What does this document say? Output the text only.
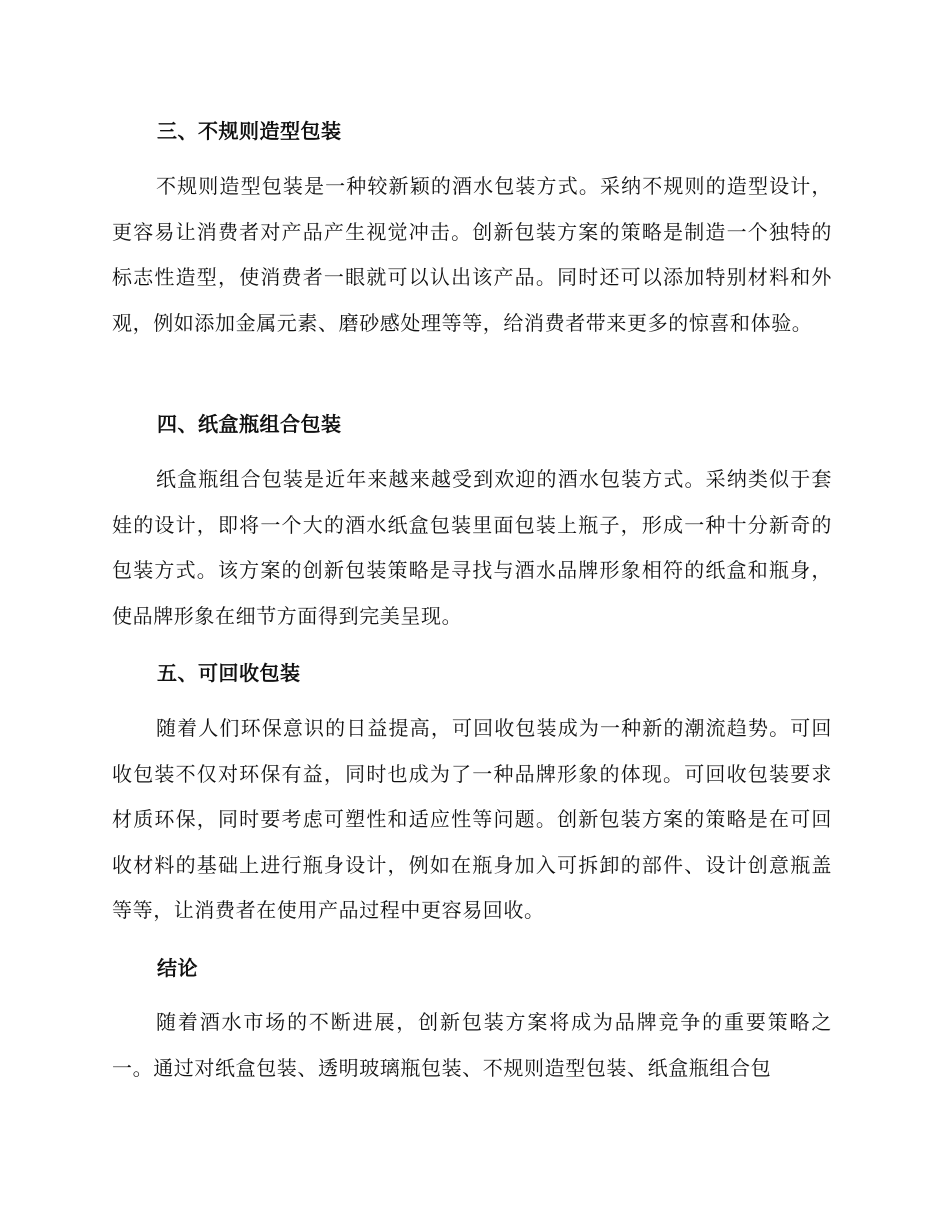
三、不规则造型包装
不规则造型包装是一种较新颖的酒水包装方式。采纳不规则的造型设计，更容易让消费者对产品产生视觉冲击。创新包装方案的策略是制造一个独特的标志性造型，使消费者一眼就可以认出该产品。同时还可以添加特别材料和外观，例如添加金属元素、磨砂感处理等等，给消费者带来更多的惊喜和体验。
四、纸盒瓶组合包装
纸盒瓶组合包装是近年来越来越受到欢迎的酒水包装方式。采纳类似于套娃的设计，即将一个大的酒水纸盒包装里面包装上瓶子，形成一种十分新奇的包装方式。该方案的创新包装策略是寻找与酒水品牌形象相符的纸盒和瓶身，使品牌形象在细节方面得到完美呈现。
五、可回收包装
随着人们环保意识的日益提高，可回收包装成为一种新的潮流趋势。可回收包装不仅对环保有益，同时也成为了一种品牌形象的体现。可回收包装要求材质环保，同时要考虑可塑性和适应性等问题。创新包装方案的策略是在可回收材料的基础上进行瓶身设计，例如在瓶身加入可拆卸的部件、设计创意瓶盖等等，让消费者在使用产品过程中更容易回收。
结论
随着酒水市场的不断进展，创新包装方案将成为品牌竞争的重要策略之一。通过对纸盒包装、透明玻璃瓶包装、不规则造型包装、纸盒瓶组合包
